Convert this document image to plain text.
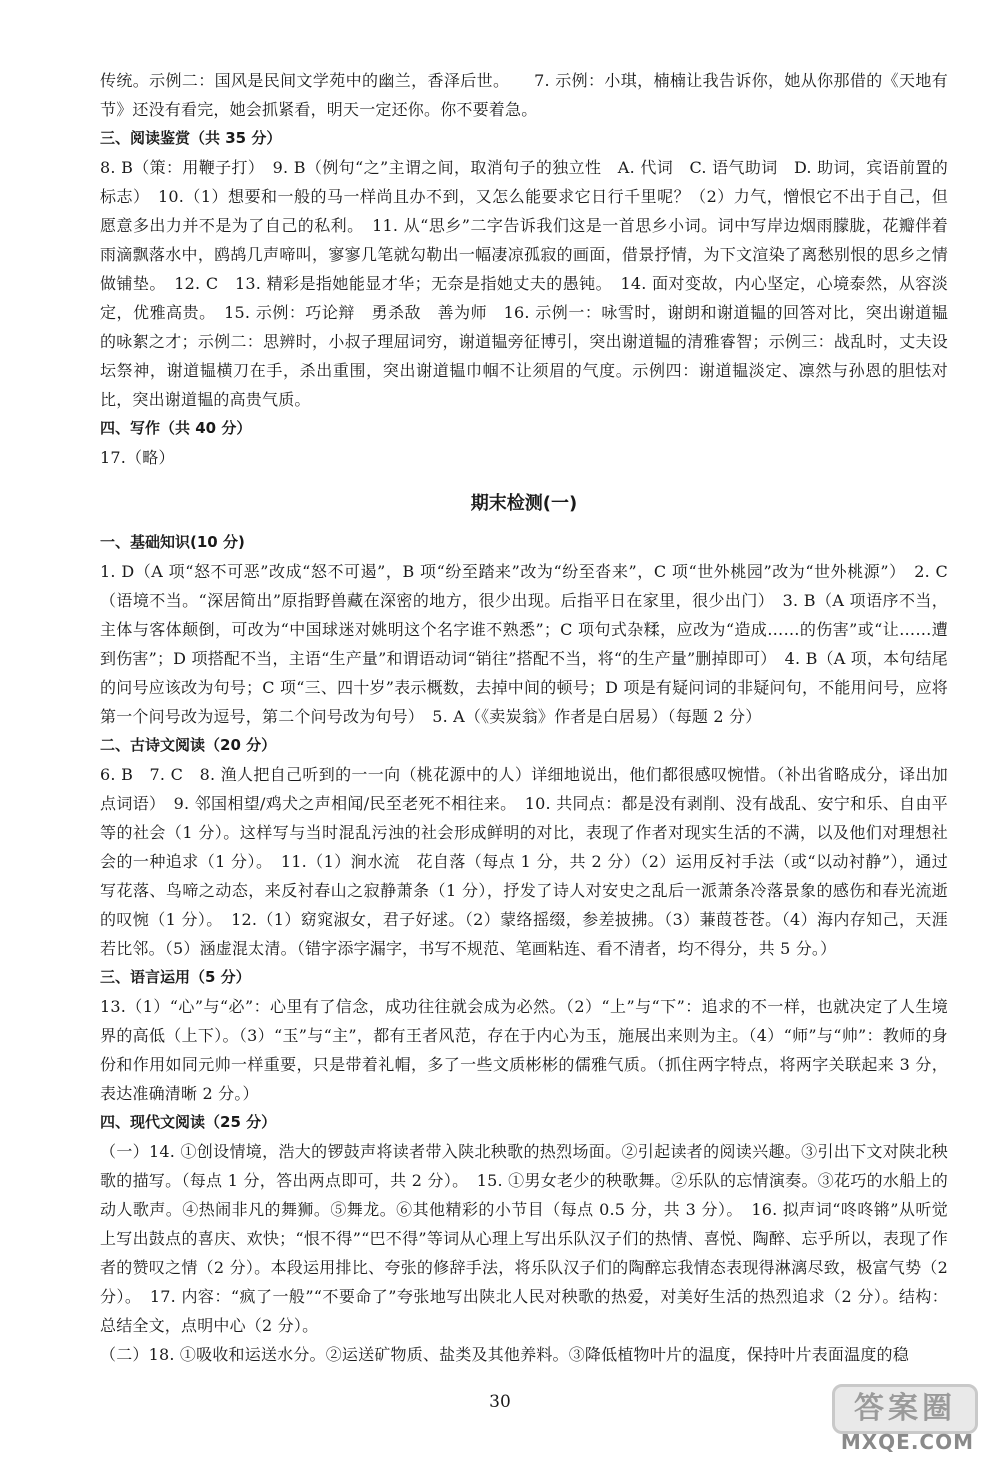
传统。示例二：国风是民间文学苑中的幽兰，香泽后世。　　7. 示例：小琪，楠楠让我告诉你，她从你那借的《天地有节》还没有看完，她会抓紧看，明天一定还你。你不要着急。

三、阅读鉴赏（共 35 分）

8. B（策：用鞭子打）　9. B（例句“之”主谓之间，取消句子的独立性　A. 代词　C. 语气助词　D. 助词，宾语前置的标志）　10.（1）想要和一般的马一样尚且办不到，又怎么能要求它日行千里呢？（2）力气，憎恨它不出于自己，但愿意多出力并不是为了自己的私利。　11. 从“思乡”二字告诉我们这是一首思乡小词。词中写岸边烟雨朦胧，花瓣伴着雨滴飘落水中，鸥鸪几声啼叫，寥寥几笔就勾勒出一幅凄凉孤寂的画面，借景抒情，为下文渲染了离愁别恨的思乡之情做铺垫。　12. C　13. 精彩是指她能显才华；无奈是指她丈夫的愚钝。　14. 面对变故，内心坚定，心境泰然，从容淡定，优雅高贵。　15. 示例：巧论辩　勇杀敌　善为师　16. 示例一：咏雪时，谢朗和谢道韫的回答对比，突出谢道韫的咏絮之才；示例二：思辨时，小叔子理屈词穷，谢道韫旁征博引，突出谢道韫的清雅睿智；示例三：战乱时，丈夫设坛祭神，谢道韫横刀在手，杀出重围，突出谢道韫巾帼不让须眉的气度。示例四：谢道韫淡定、凛然与孙恩的胆怯对比，突出谢道韫的高贵气质。

四、写作（共 40 分）

17.（略）

期末检测(一)

一、基础知识(10 分)

1. D（A 项“怒不可恶”改成“怒不可遏”，B 项“纷至踏来”改为“纷至沓来”，C 项“世外桃园”改为“世外桃源”）　2. C（语境不当。“深居简出”原指野兽藏在深密的地方，很少出现。后指平日在家里，很少出门）　3. B（A 项语序不当，主体与客体颠倒，可改为“中国球迷对姚明这个名字谁不熟悉”；C 项句式杂糅，应改为“造成……的伤害”或“让……遭到伤害”；D 项搭配不当，主语“生产量”和谓语动词“销往”搭配不当，将“的生产量”删掉即可）　4. B（A 项，本句结尾的问号应该改为句号；C 项“三、四十岁”表示概数，去掉中间的顿号；D 项是有疑问词的非疑问句，不能用问号，应将第一个问号改为逗号，第二个问号改为句号）　5. A（《卖炭翁》作者是白居易）（每题 2 分）

二、古诗文阅读（20 分）

6. B　7. C　8. 渔人把自己听到的一一向（桃花源中的人）详细地说出，他们都很感叹惋惜。（补出省略成分，译出加点词语）　9. 邻国相望/鸡犬之声相闻/民至老死不相往来。　10. 共同点：都是没有剥削、没有战乱、安宁和乐、自由平等的社会（1 分）。这样写与当时混乱污浊的社会形成鲜明的对比，表现了作者对现实生活的不满，以及他们对理想社会的一种追求（1 分）。　11.（1）涧水流　花自落（每点 1 分，共 2 分）（2）运用反衬手法（或“以动衬静”），通过写花落、鸟啼之动态，来反衬春山之寂静萧条（1 分），抒发了诗人对安史之乱后一派萧条冷落景象的感伤和春光流逝的叹惋（1 分）。　12.（1）窈窕淑女，君子好逑。（2）蒙络摇缀，参差披拂。（3）蒹葭苍苍。（4）海内存知己，天涯若比邻。（5）涵虚混太清。（错字添字漏字，书写不规范、笔画粘连、看不清者，均不得分，共 5 分。）

三、语言运用（5 分）

13.（1）“心”与“必”：心里有了信念，成功往往就会成为必然。（2）“上”与“下”：追求的不一样，也就决定了人生境界的高低（上下）。（3）“玉”与“主”，都有王者风范，存在于内心为玉，施展出来则为主。（4）“师”与“帅”：教师的身份和作用如同元帅一样重要，只是带着礼帽，多了一些文质彬彬的儒雅气质。（抓住两字特点，将两字关联起来 3 分，表达准确清晰 2 分。）

四、现代文阅读（25 分）

（一）14. ①创设情境，浩大的锣鼓声将读者带入陕北秧歌的热烈场面。②引起读者的阅读兴趣。③引出下文对陕北秧歌的描写。（每点 1 分，答出两点即可，共 2 分）。　15. ①男女老少的秧歌舞。②乐队的忘情演奏。③花巧的水船上的动人歌声。④热闹非凡的舞狮。⑤舞龙。⑥其他精彩的小节目（每点 0.5 分，共 3 分）。　16. 拟声词“咚咚锵”从听觉上写出鼓点的喜庆、欢快；“恨不得”“巴不得”等词从心理上写出乐队汉子们的热情、喜悦、陶醉、忘乎所以，表现了作者的赞叹之情（2 分）。本段运用排比、夸张的修辞手法，将乐队汉子们的陶醉忘我情态表现得淋漓尽致，极富气势（2 分）。　17. 内容：“疯了一般”“不要命了”夸张地写出陕北人民对秧歌的热爱，对美好生活的热烈追求（2 分）。结构：总结全文，点明中心（2 分）。

（二）18. ①吸收和运送水分。②运送矿物质、盐类及其他养料。③降低植物叶片的温度，保持叶片表面温度的稳

30	答案圈
MXQE.COM
